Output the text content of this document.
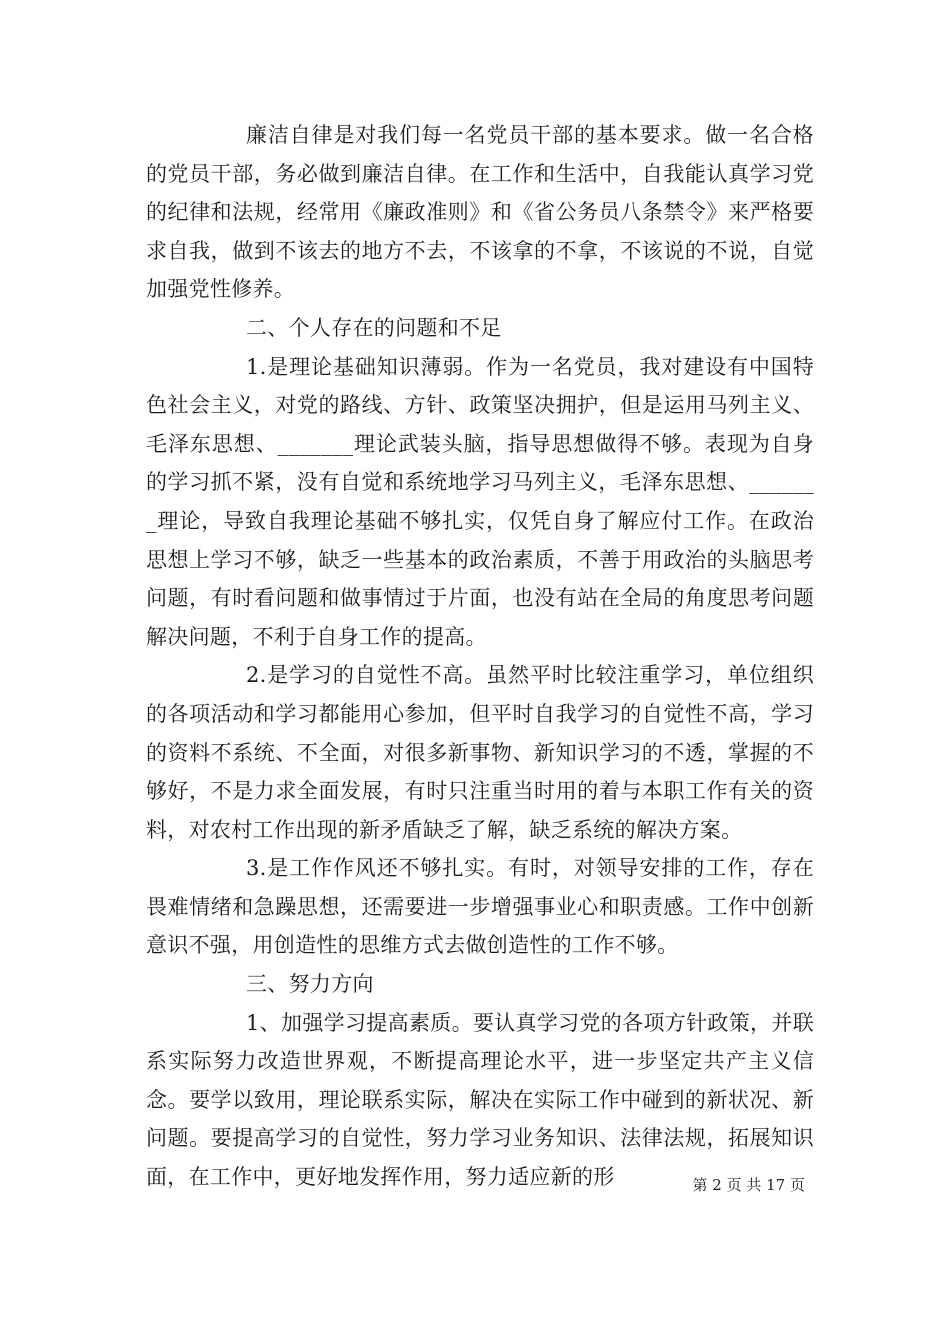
廉洁自律是对我们每一名党员干部的基本要求。做一名合格的党员干部，务必做到廉洁自律。在工作和生活中，自我能认真学习党的纪律和法规，经常用《廉政准则》和《省公务员八条禁令》来严格要求自我，做到不该去的地方不去，不该拿的不拿，不该说的不说，自觉加强党性修养。

二、个人存在的问题和不足

1.是理论基础知识薄弱。作为一名党员，我对建设有中国特色社会主义，对党的路线、方针、政策坚决拥护，但是运用马列主义、毛泽东思想、_______理论武装头脑，指导思想做得不够。表现为自身的学习抓不紧，没有自觉和系统地学习马列主义，毛泽东思想、_______理论，导致自我理论基础不够扎实，仅凭自身了解应付工作。在政治思想上学习不够，缺乏一些基本的政治素质，不善于用政治的头脑思考问题，有时看问题和做事情过于片面，也没有站在全局的角度思考问题解决问题，不利于自身工作的提高。

2.是学习的自觉性不高。虽然平时比较注重学习，单位组织的各项活动和学习都能用心参加，但平时自我学习的自觉性不高，学习的资料不系统、不全面，对很多新事物、新知识学习的不透，掌握的不够好，不是力求全面发展，有时只注重当时用的着与本职工作有关的资料，对农村工作出现的新矛盾缺乏了解，缺乏系统的解决方案。

3.是工作作风还不够扎实。有时，对领导安排的工作，存在畏难情绪和急躁思想，还需要进一步增强事业心和职责感。工作中创新意识不强，用创造性的思维方式去做创造性的工作不够。

三、努力方向

1、加强学习提高素质。要认真学习党的各项方针政策，并联系实际努力改造世界观，不断提高理论水平，进一步坚定共产主义信念。要学以致用，理论联系实际，解决在实际工作中碰到的新状况、新问题。要提高学习的自觉性，努力学习业务知识、法律法规，拓展知识面，在工作中，更好地发挥作用，努力适应新的形	第 2 页 共 17 页
